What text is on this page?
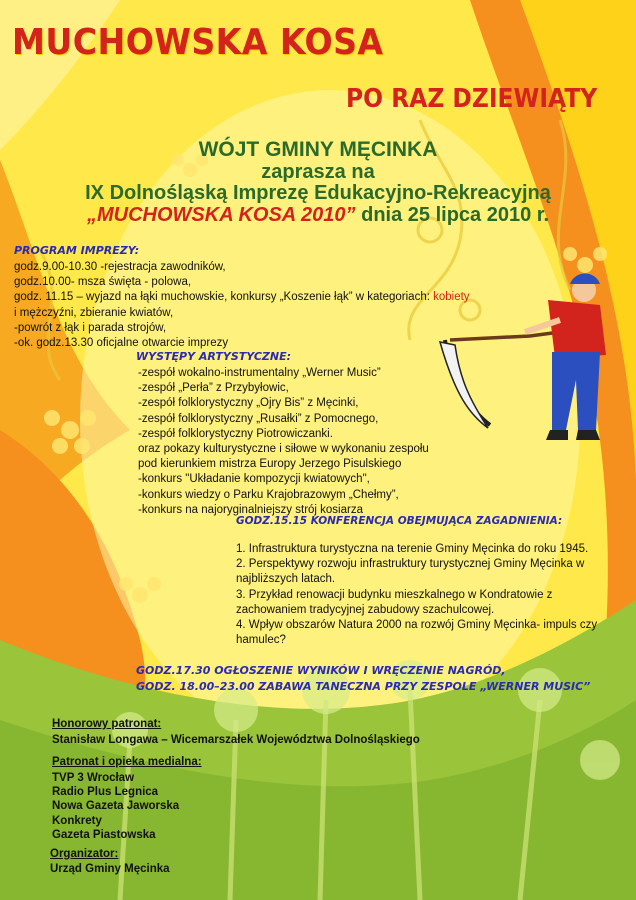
MUCHOWSKA KOSA
PO RAZ DZIEWIĄTY
WÓJT GMINY MĘCINKA
zaprasza na
IX Dolnośląską Imprezę Edukacyjno-Rekreacyjną
„MUCHOWSKA KOSA 2010” dnia 25 lipca 2010 r.
PROGRAM IMPREZY:
godz.9.00-10.30 -rejestracja zawodników,
godz.10.00- msza święta - polowa,
godz. 11.15 – wyjazd na łąki muchowskie, konkursy „Koszenie łąk” w kategoriach: kobiety
i mężczyźni, zbieranie kwiatów,
-powrót z łąk i parada strojów,
-ok. godz.13.30 oficjalne otwarcie imprezy
WYSTĘPY ARTYSTYCZNE:
-zespół wokalno-instrumentalny „Werner Music”
-zespół „Perła” z Przybyłowic,
-zespół folklorystyczny „Ojry Bis” z Męcinki,
-zespół folklorystyczny „Rusałki” z Pomocnego,
-zespół folklorystyczny Piotrowiczanki.
oraz pokazy kulturystyczne i siłowe w wykonaniu zespołu
pod kierunkiem mistrza Europy Jerzego Pisulskiego
-konkurs "Układanie kompozycji kwiatowych",
-konkurs wiedzy o Parku Krajobrazowym „Chełmy”,
-konkurs na najoryginalniejszy strój kosiarza
GODZ.15.15 KONFERENCJA OBEJMUJĄCA ZAGADNIENIA:

1. Infrastruktura turystyczna na terenie Gminy Męcinka do roku 1945.

2. Perspektywy rozwoju infrastruktury turystycznej Gminy Męcinka w najbliższych latach.

3. Przykład renowacji budynku mieszkalnego w Kondratowie z zachowaniem tradycyjnej zabudowy szachulcowej.

4. Wpływ obszarów Natura 2000 na rozwój Gminy Męcinka- impuls czy hamulec?

GODZ.17.30 OGŁOSZENIE WYNIKÓW I WRĘCZENIE NAGRÓD,
GODZ. 18.00–23.00 ZABAWA TANECZNA PRZY ZESPOLE „WERNER MUSIC”
Honorowy patronat:
Stanisław Longawa – Wicemarszałek Województwa Dolnośląskiego
Patronat i opieka medialna:
TVP 3 Wrocław
Radio Plus Legnica
Nowa Gazeta Jaworska
Konkrety
Gazeta Piastowska
Organizator:
Urząd Gminy Męcinka
